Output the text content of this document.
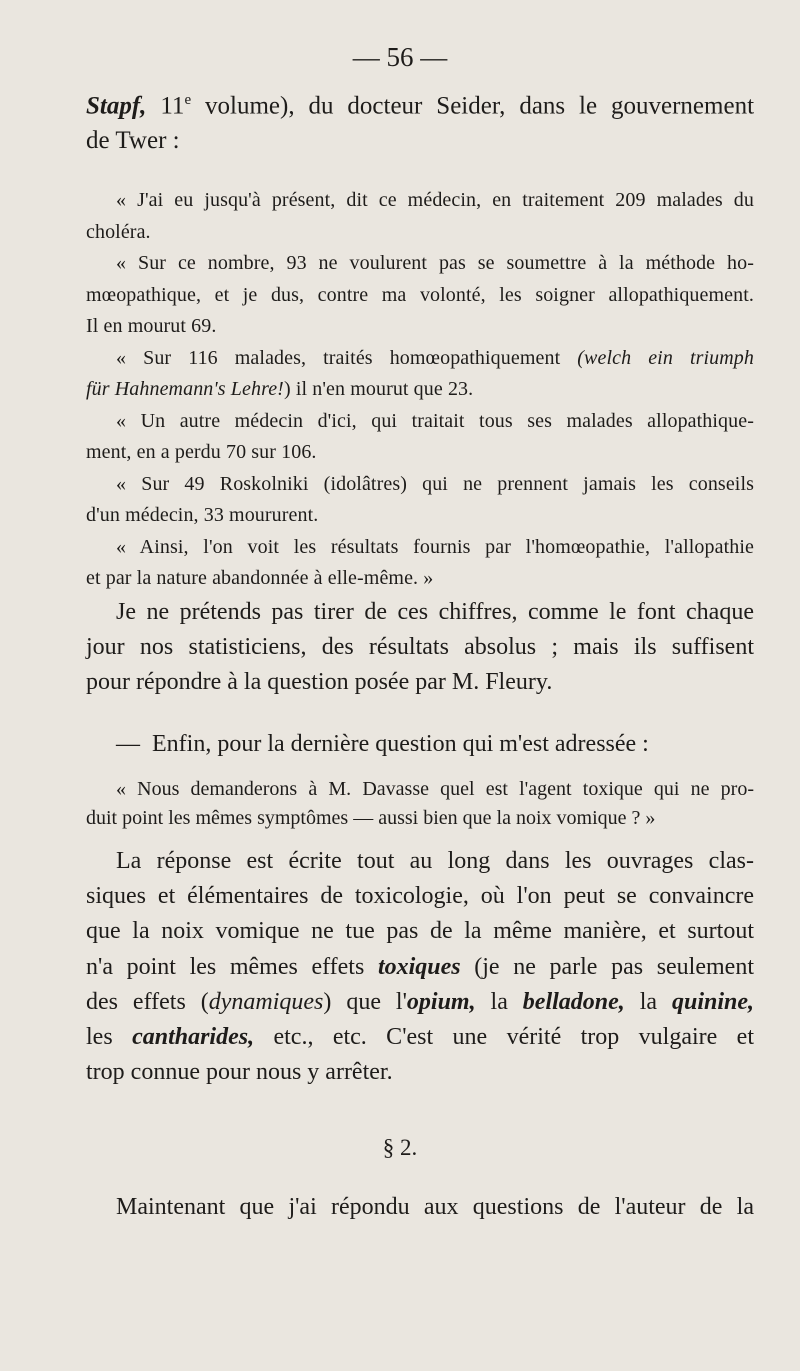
— 56 —
Stapf, 11e volume), du docteur Seider, dans le gouvernement
de Twer :
« J'ai eu jusqu'à présent, dit ce médecin, en traitement 209 malades du
choléra.
« Sur ce nombre, 93 ne voulurent pas se soumettre à la méthode ho-
mœopathique, et je dus, contre ma volonté, les soigner allopathiquement.
Il en mourut 69.
« Sur 116 malades, traités homœopathiquement (welch ein triumph
für Hahnemann's Lehre!) il n'en mourut que 23.
« Un autre médecin d'ici, qui traitait tous ses malades allopathique-
ment, en a perdu 70 sur 106.
« Sur 49 Roskolniki (idolâtres) qui ne prennent jamais les conseils
d'un médecin, 33 moururent.
« Ainsi, l'on voit les résultats fournis par l'homœopathie, l'allopathie
et par la nature abandonnée à elle-même. »
Je ne prétends pas tirer de ces chiffres, comme le font chaque
jour nos statisticiens, des résultats absolus ; mais ils suffisent
pour répondre à la question posée par M. Fleury.
— Enfin, pour la dernière question qui m'est adressée :
« Nous demanderons à M. Davasse quel est l'agent toxique qui ne pro-
duit point les mêmes symptômes — aussi bien que la noix vomique ? »
La réponse est écrite tout au long dans les ouvrages clas-
siques et élémentaires de toxicologie, où l'on peut se convaincre
que la noix vomique ne tue pas de la même manière, et surtout
n'a point les mêmes effets toxiques (je ne parle pas seulement
des effets (dynamiques) que l'opium, la belladone, la quinine,
les cantharides, etc., etc. C'est une vérité trop vulgaire et
trop connue pour nous y arrêter.
§ 2.
Maintenant que j'ai répondu aux questions de l'auteur de la
